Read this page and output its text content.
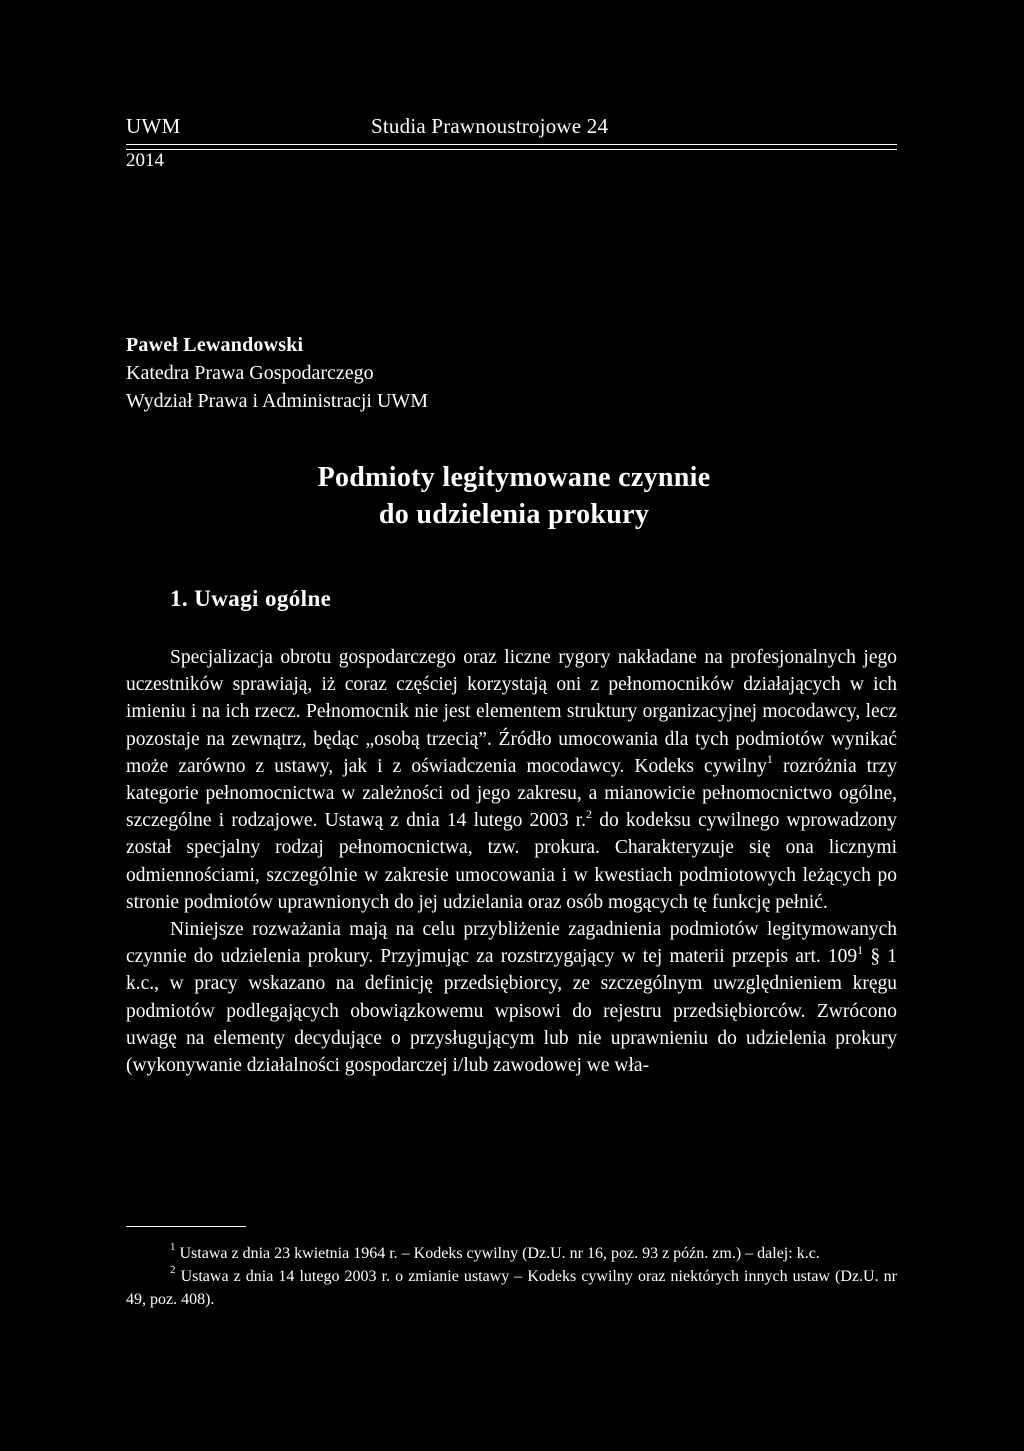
UWM	Studia Prawnoustrojowe 24
2014
Paweł Lewandowski
Katedra Prawa Gospodarczego
Wydział Prawa i Administracji UWM
Podmioty legitymowane czynnie
do udzielenia prokury
1. Uwagi ogólne

Specjalizacja obrotu gospodarczego oraz liczne rygory nakładane na profesjonalnych jego uczestników sprawiają, iż coraz częściej korzystają oni z pełnomocników działających w ich imieniu i na ich rzecz. Pełnomocnik nie jest elementem struktury organizacyjnej mocodawcy, lecz pozostaje na zewnątrz, będąc „osobą trzecią”. Źródło umocowania dla tych podmiotów wynikać może zarówno z ustawy, jak i z oświadczenia mocodawcy. Kodeks cywilny$^1$ rozróżnia trzy kategorie pełnomocnictwa w zależności od jego zakresu, a mianowicie pełnomocnictwo ogólne, szczególne i rodzajowe. Ustawą z dnia 14 lutego 2003 r.$^2$ do kodeksu cywilnego wprowadzony został specjalny rodzaj pełnomocnictwa, tzw. prokura. Charakteryzuje się ona licznymi odmiennościami, szczególnie w zakresie umocowania i w kwestiach podmiotowych leżących po stronie podmiotów uprawnionych do jej udzielania oraz osób mogących tę funkcję pełnić.

Niniejsze rozważania mają na celu przybliżenie zagadnienia podmiotów legitymowanych czynnie do udzielenia prokury. Przyjmując za rozstrzygający w tej materii przepis art. $109^1$ § 1 k.c., w pracy wskazano na definicję przedsiębiorcy, ze szczególnym uwzględnieniem kręgu podmiotów podlegających obowiązkowemu wpisowi do rejestru przedsiębiorców. Zwrócono uwagę na elementy decydujące o przysługującym lub nie uprawnieniu do udzielenia prokury (wykonywanie działalności gospodarczej i/lub zawodowej we wła-

$^1$ Ustawa z dnia 23 kwietnia 1964 r. – Kodeks cywilny (Dz.U. nr 16, poz. 93 z późn. zm.) – dalej: k.c.

$^2$ Ustawa z dnia 14 lutego 2003 r. o zmianie ustawy – Kodeks cywilny oraz niektórych innych ustaw (Dz.U. nr 49, poz. 408).
